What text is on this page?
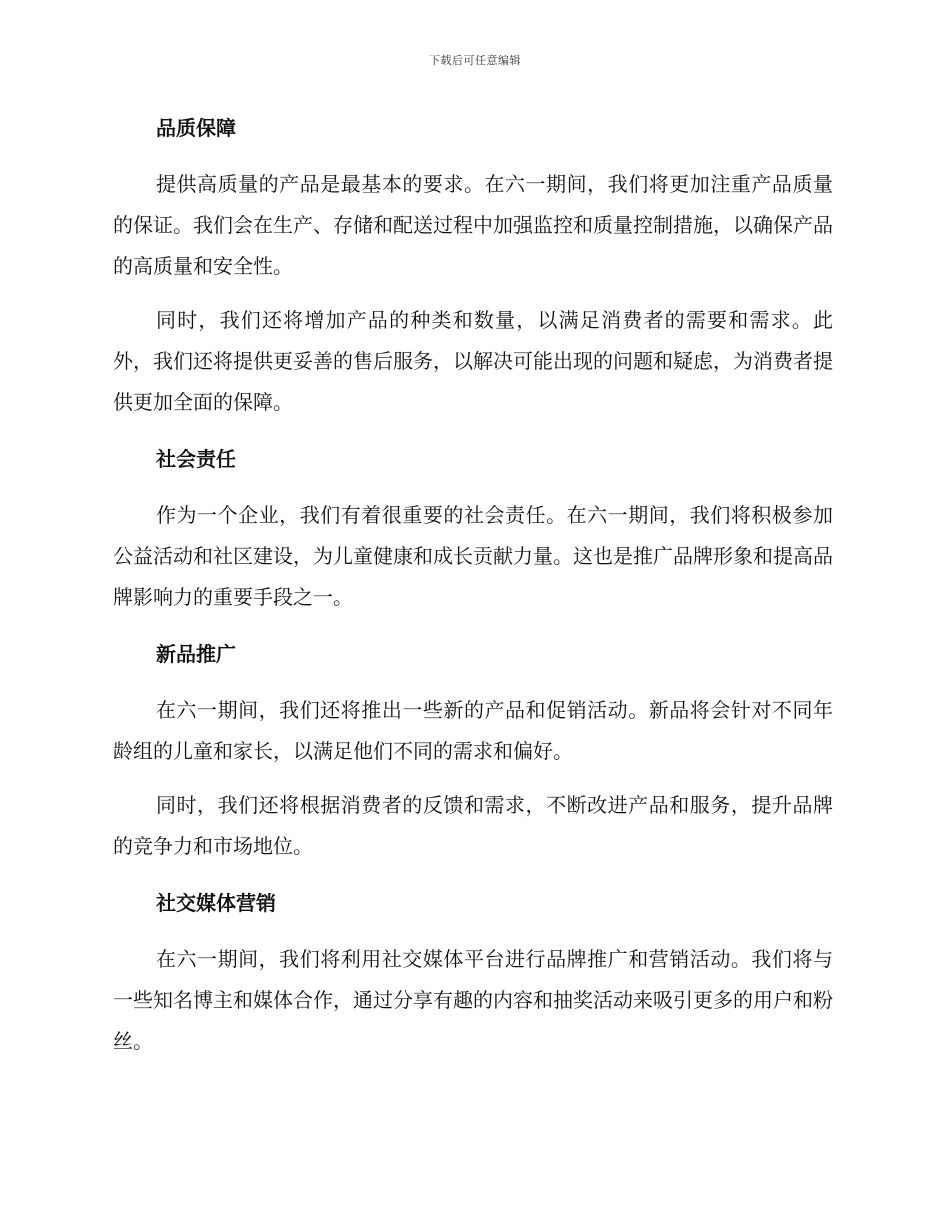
下载后可任意编辑
品质保障

提供高质量的产品是最基本的要求。在六一期间，我们将更加注重产品质量的保证。我们会在生产、存储和配送过程中加强监控和质量控制措施，以确保产品的高质量和安全性。

同时，我们还将增加产品的种类和数量，以满足消费者的需要和需求。此外，我们还将提供更妥善的售后服务，以解决可能出现的问题和疑虑，为消费者提供更加全面的保障。

社会责任

作为一个企业，我们有着很重要的社会责任。在六一期间，我们将积极参加公益活动和社区建设，为儿童健康和成长贡献力量。这也是推广品牌形象和提高品牌影响力的重要手段之一。

新品推广

在六一期间，我们还将推出一些新的产品和促销活动。新品将会针对不同年龄组的儿童和家长，以满足他们不同的需求和偏好。

同时，我们还将根据消费者的反馈和需求，不断改进产品和服务，提升品牌的竞争力和市场地位。

社交媒体营销

在六一期间，我们将利用社交媒体平台进行品牌推广和营销活动。我们将与一些知名博主和媒体合作，通过分享有趣的内容和抽奖活动来吸引更多的用户和粉丝。
